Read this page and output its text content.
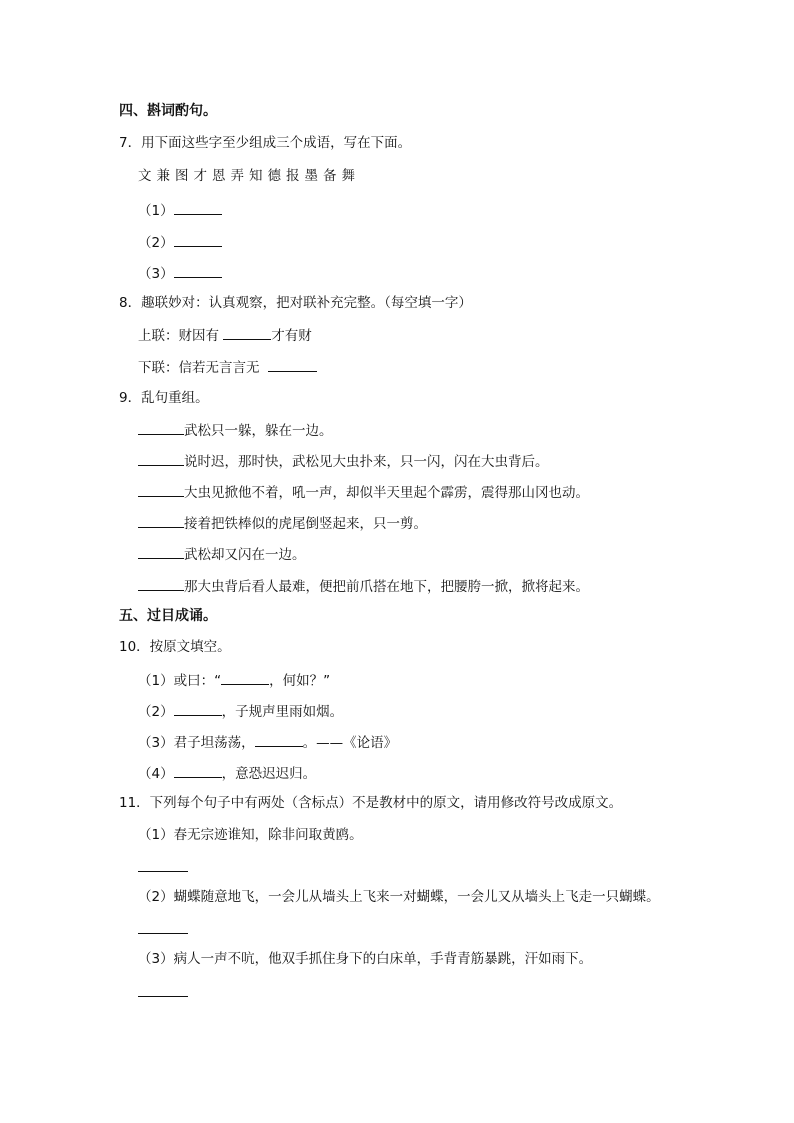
四、斟词酌句。
7．用下面这些字至少组成三个成语，写在下面。
文 兼 图 才 恩 弄 知 德 报 墨 备 舞
（1）
（2）
（3）
8．趣联妙对：认真观察，把对联补充完整。（每空填一字）
上联：财因有	才有财
下联：信若无言言无
9．乱句重组。
武松只一躲，躲在一边。
说时迟，那时快，武松见大虫扑来，只一闪，闪在大虫背后。
大虫见掀他不着，吼一声，却似半天里起个霹雳，震得那山冈也动。
接着把铁棒似的虎尾倒竖起来，只一剪。
武松却又闪在一边。
那大虫背后看人最难，便把前爪搭在地下，把腰胯一掀，掀将起来。
五、过目成诵。
10．按原文填空。
（1）或曰：“	，何如？”
（2）	，子规声里雨如烟。
（3）君子坦荡荡，	。——《论语》
（4）	，意恐迟迟归。
11．下列每个句子中有两处（含标点）不是教材中的原文，请用修改符号改成原文。
（1）春无宗迹谁知，除非问取黄鸥。
（2）蝴蝶随意地飞，一会儿从墙头上飞来一对蝴蝶，一会儿又从墙头上飞走一只蝴蝶。
（3）病人一声不吭，他双手抓住身下的白床单，手背青筋暴跳，汗如雨下。
